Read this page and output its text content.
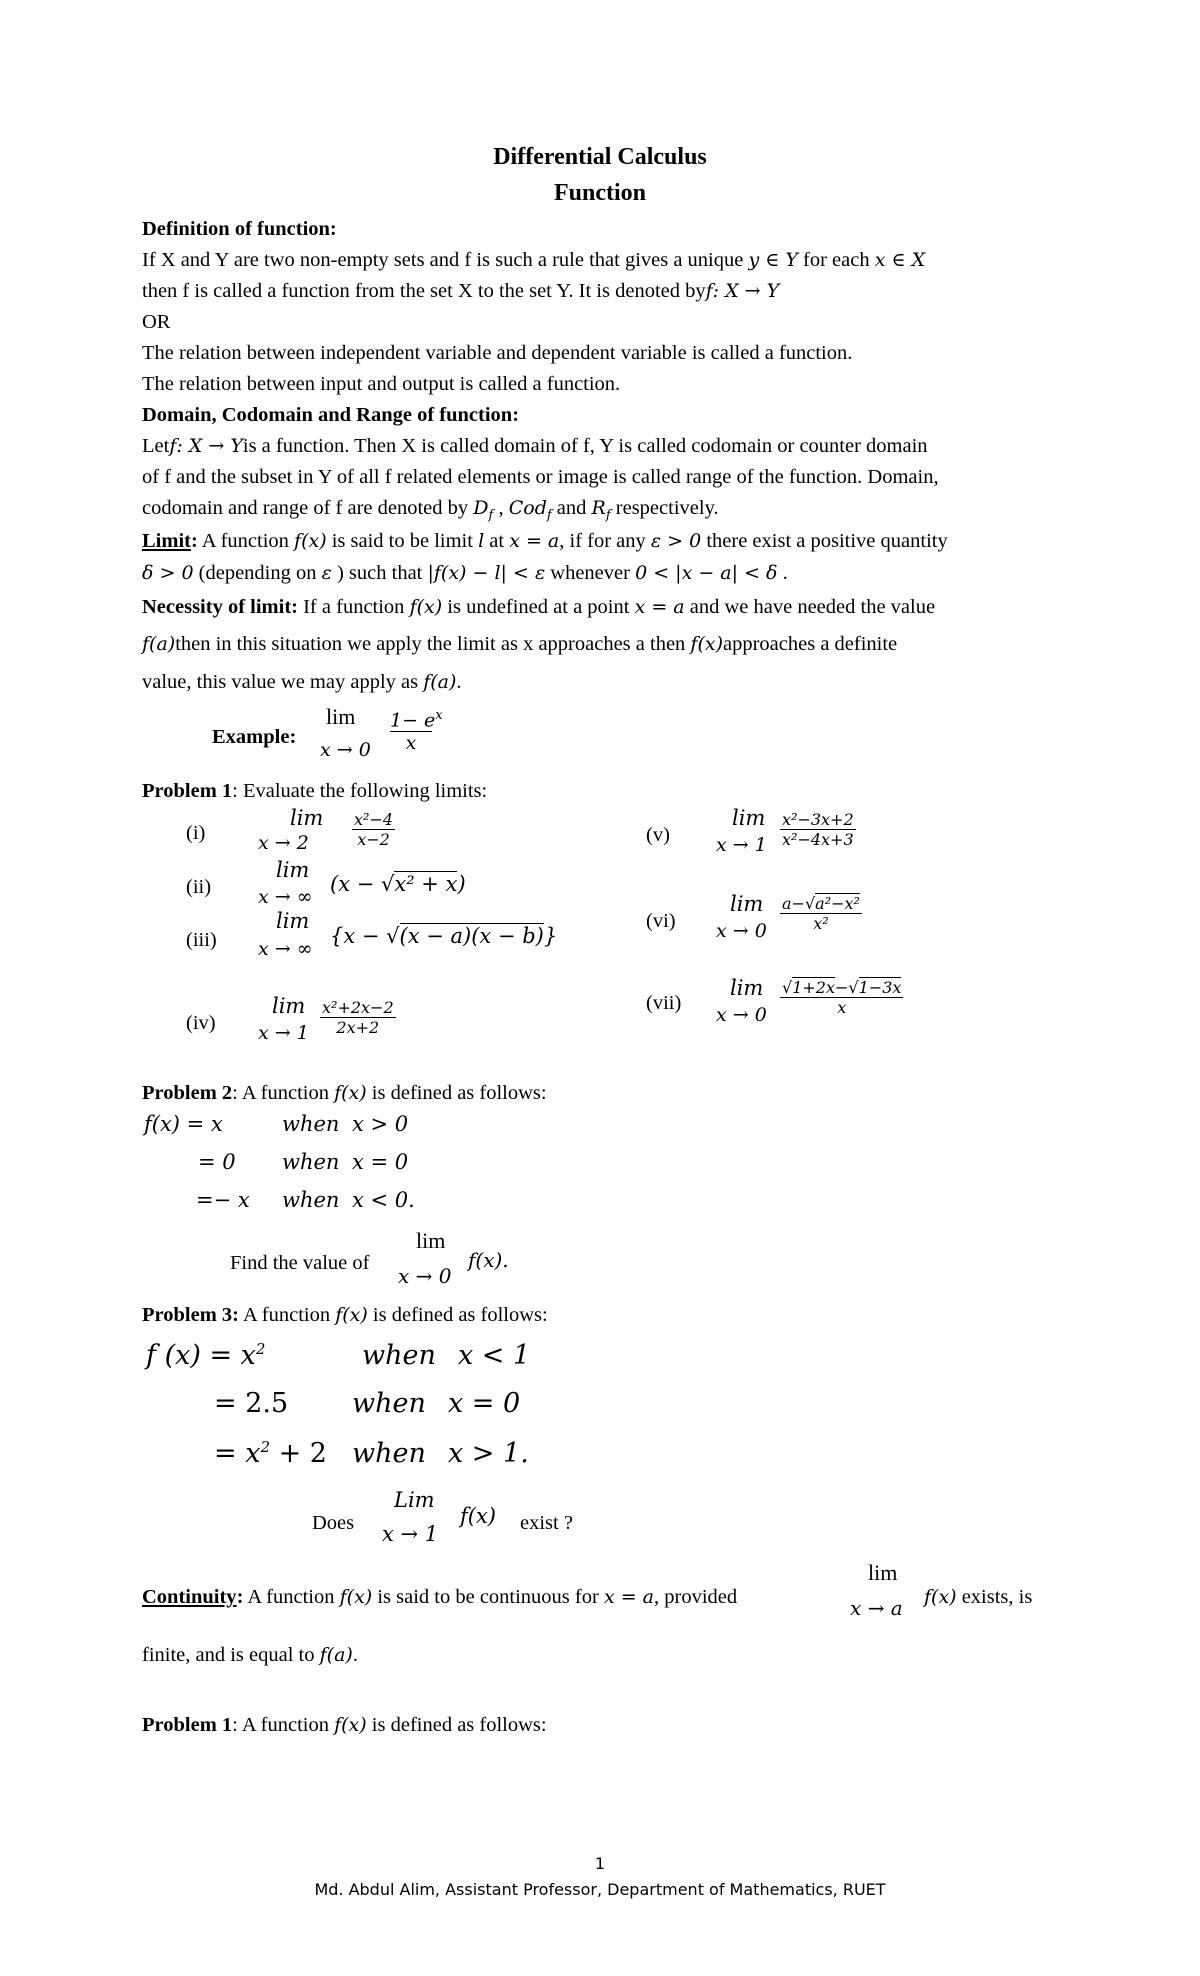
Differential Calculus
Function
Definition of function:
If X and Y are two non-empty sets and f is such a rule that gives a unique y ∈ Y for each x ∈ X
then f is called a function from the set X to the set Y. It is denoted byf: X → Y
OR
The relation between independent variable and dependent variable is called a function.
The relation between input and output is called a function.
Domain, Codomain and Range of function:
Letf: X → Yis a function. Then X is called domain of f, Y is called codomain or counter domain
of f and the subset in Y of all f related elements or image is called range of the function. Domain,
codomain and range of f are denoted by $D_f$ , Cod$_f$ and $R_f$ respectively.
Limit: A function f(x) is said to be limit l at x = a, if for any ε > 0 there exist a positive quantity
δ > 0 (depending on ε ) such that |f(x) − l| < ε whenever 0 < |x − a| < δ .
Necessity of limit: If a function f(x) is undefined at a point x = a and we have needed the value
f(a)then in this situation we apply the limit as x approaches a then f(x)approaches a definite
value, this value we may apply as f(a).
Example:
lim
x → 0
$1- e^x$
x
Problem 1: Evaluate the following limits:
(i)
lim
x → 2
x²−4
x−2
(ii)
lim
x → ∞
(x − √x² + x)
(iii)
lim
x → ∞
{x − √(x − a)(x − b)}
(iv)
lim
x → 1
x²+2x−2
2x+2
(v)
lim
x → 1
x²−3x+2
x²−4x+3
(vi)
lim
x → 0
a−√a²−x²
x²
(vii)
lim
x → 0
√1+2x−√1−3x
x
Problem 2: A function f(x) is defined as follows:
f(x) = x	when x > 0
= 0 when x = 0
=− x when x < 0.
Find the value of
lim
x → 0
f(x).
Problem 3: A function f(x) is defined as follows:
f $(x) = x^2$	when x < 1
= 2.5 when x = 0
= $x^2 + 2$ when x > 1.
Does
Lim
x → 1
f(x) exist ?
Continuity: A function f(x) is said to be continuous for x = a, provided
lim
x → a f(x) exists, is
finite, and is equal to f(a).
Problem 1: A function f(x) is defined as follows:
1
Md. Abdul Alim, Assistant Professor, Department of Mathematics, RUET
